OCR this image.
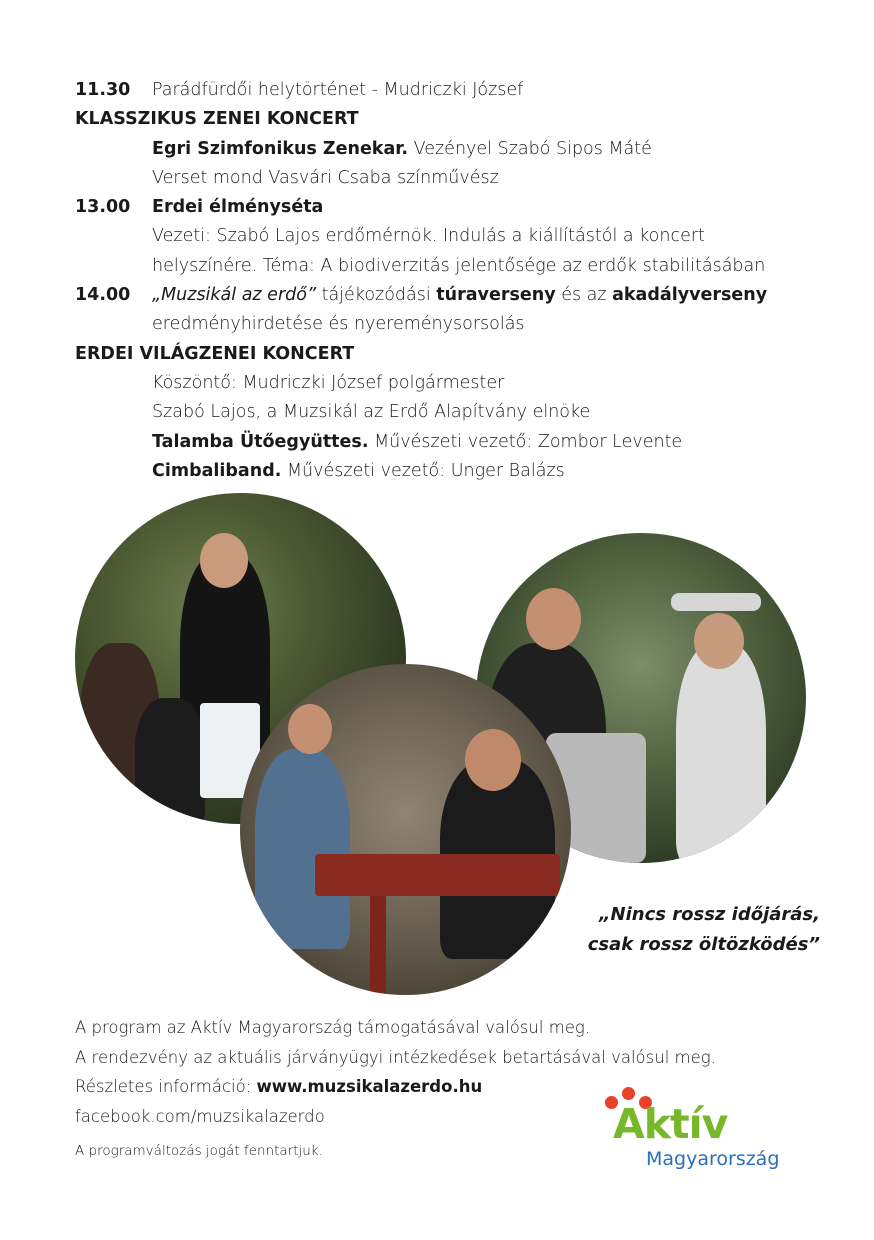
11.30 Parádfürdői helytörténet - Mudriczki József
KLASSZIKUS ZENEI KONCERT
Egri Szimfonikus Zenekar. Vezényel Szabó Sipos Máté
Verset mond Vasvári Csaba színművész
13.00 Erdei élményséta
Vezeti: Szabó Lajos erdőmérnök. Indulás a kiállítástól a koncert
helyszínére. Téma: A biodiverzitás jelentősége az erdők stabilitásában
14.00 „Muzsikál az erdő” tájékozódási túraverseny és az akadályverseny
eredményhirdetése és nyereménysorsolás
ERDEI VILÁGZENEI KONCERT
Köszöntő: Mudriczki József polgármester
Szabó Lajos, a Muzsikál az Erdő Alapítvány elnöke
Talamba Ütőegyüttes. Művészeti vezető: Zombor Levente
Cimbaliband. Művészeti vezető: Unger Balázs
„Nincs rossz időjárás,
csak rossz öltözködés”
A program az Aktív Magyarország támogatásával valósul meg.
A rendezvény az aktuális járványügyi intézkedések betartásával valósul meg.
Részletes információ: www.muzsikalazerdo.hu
facebook.com/muzsikalazerdo
A programváltozás jogát fenntartjuk.
Aktív
Magyarország
